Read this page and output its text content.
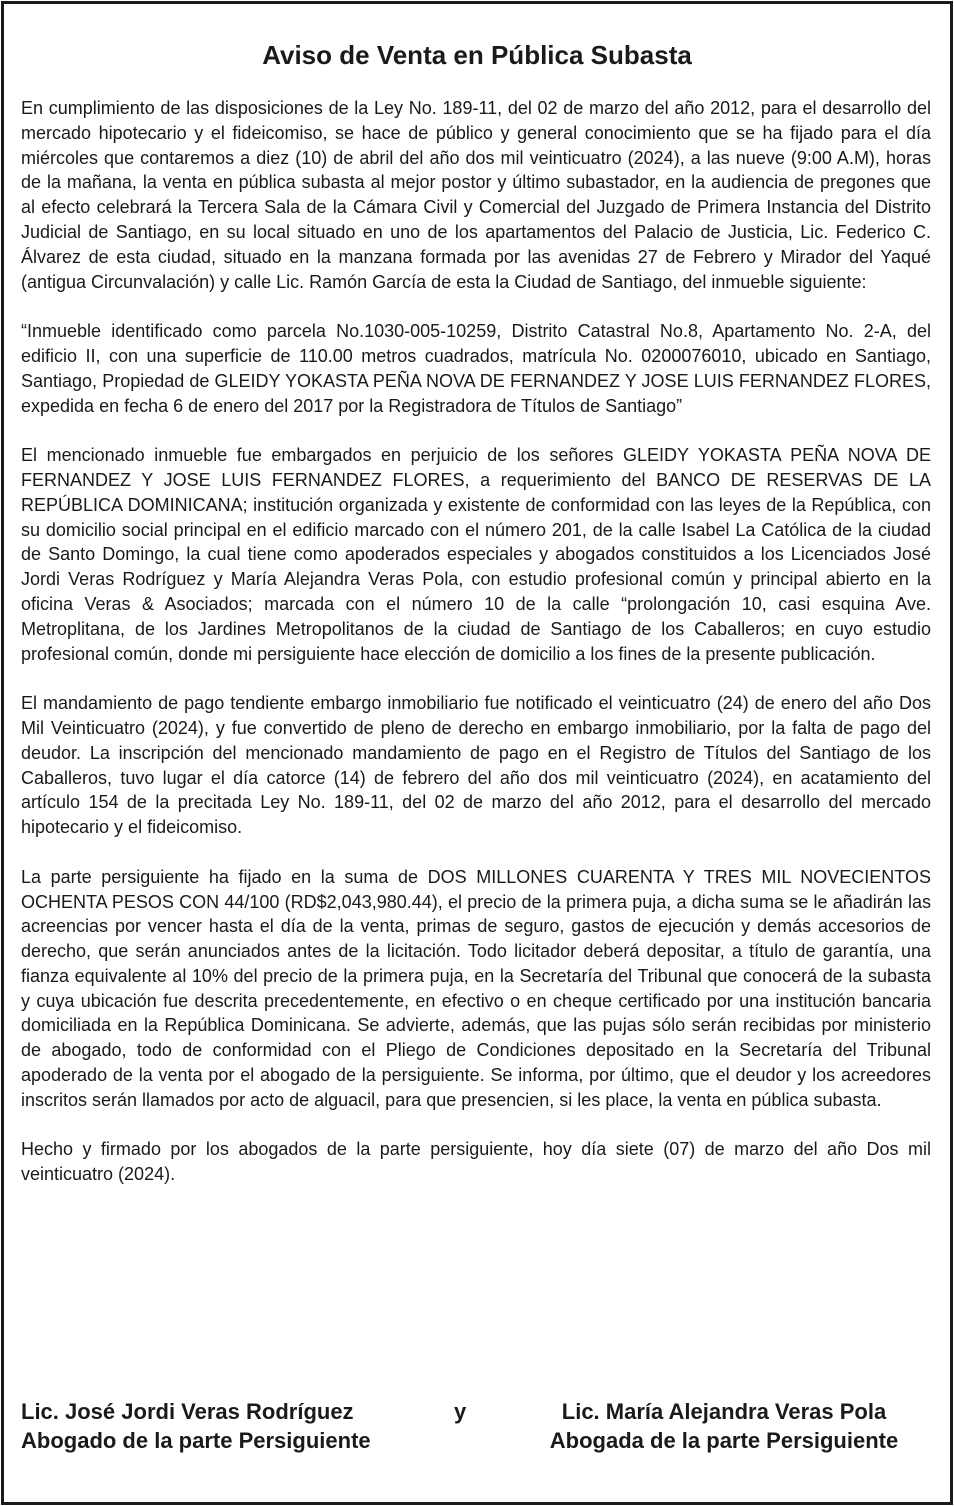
Aviso de Venta en Pública Subasta

En cumplimiento de las disposiciones de la Ley No. 189-11, del 02 de marzo del año 2012, para el desarrollo del mercado hipotecario y el fideicomiso, se hace de público y general conocimiento que se ha fijado para el día miércoles que contaremos a diez (10) de abril del año dos mil veinticuatro (2024), a las nueve (9:00 A.M), horas de la mañana, la venta en pública subasta al mejor postor y último subastador, en la audiencia de pregones que al efecto celebrará la Tercera Sala de la Cámara Civil y Comercial del Juzgado de Primera Instancia del Distrito Judicial de Santiago, en su local situado en uno de los apartamentos del Palacio de Justicia, Lic. Federico C. Álvarez de esta ciudad, situado en la manzana formada por las avenidas 27 de Febrero y Mirador del Yaqué (antigua Circunvalación) y calle Lic. Ramón García de esta la Ciudad de Santiago, del inmueble siguiente:

“Inmueble identificado como parcela No.1030-005-10259, Distrito Catastral No.8, Apartamento No. 2-A, del edificio II, con una superficie de 110.00 metros cuadrados, matrícula No. 0200076010, ubicado en Santiago, Santiago, Propiedad de GLEIDY YOKASTA PEÑA NOVA DE FERNANDEZ Y JOSE LUIS FERNANDEZ FLORES, expedida en fecha 6 de enero del 2017 por la Registradora de Títulos de Santiago”

El mencionado inmueble fue embargados en perjuicio de los señores GLEIDY YOKASTA PEÑA NOVA DE FERNANDEZ Y JOSE LUIS FERNANDEZ FLORES, a requerimiento del BANCO DE RESERVAS DE LA REPÚBLICA DOMINICANA; institución organizada y existente de conformidad con las leyes de la República, con su domicilio social principal en el edificio marcado con el número 201, de la calle Isabel La Católica de la ciudad de Santo Domingo, la cual tiene como apoderados especiales y abogados constituidos a los Licenciados José Jordi Veras Rodríguez y María Alejandra Veras Pola, con estudio profesional común y principal abierto en la oficina Veras & Asociados; marcada con el número 10 de la calle “prolongación 10, casi esquina Ave. Metroplitana, de los Jardines Metropolitanos de la ciudad de Santiago de los Caballeros; en cuyo estudio profesional común, donde mi persiguiente hace elección de domicilio a los fines de la presente publicación.

El mandamiento de pago tendiente embargo inmobiliario fue notificado el veinticuatro (24) de enero del año Dos Mil Veinticuatro (2024), y fue convertido de pleno de derecho en embargo inmobiliario, por la falta de pago del deudor. La inscripción del mencionado mandamiento de pago en el Registro de Títulos del Santiago de los Caballeros, tuvo lugar el día catorce (14) de febrero del año dos mil veinticuatro (2024), en acatamiento del artículo 154 de la precitada Ley No. 189-11, del 02 de marzo del año 2012, para el desarrollo del mercado hipotecario y el fideicomiso.

La parte persiguiente ha fijado en la suma de DOS MILLONES CUARENTA Y TRES MIL NOVECIENTOS OCHENTA PESOS CON 44/100 (RD$2,043,980.44), el precio de la primera puja, a dicha suma se le añadirán las acreencias por vencer hasta el día de la venta, primas de seguro, gastos de ejecución y demás accesorios de derecho, que serán anunciados antes de la licitación. Todo licitador deberá depositar, a título de garantía, una fianza equivalente al 10% del precio de la primera puja, en la Secretaría del Tribunal que conocerá de la subasta y cuya ubicación fue descrita precedentemente, en efectivo o en cheque certificado por una institución bancaria domiciliada en la República Dominicana. Se advierte, además, que las pujas sólo serán recibidas por ministerio de abogado, todo de conformidad con el Pliego de Condiciones depositado en la Secretaría del Tribunal apoderado de la venta por el abogado de la persiguiente. Se informa, por último, que el deudor y los acreedores inscritos serán llamados por acto de alguacil, para que presencien, si les place, la venta en pública subasta.

Hecho y firmado por los abogados de la parte persiguiente, hoy día siete (07) de marzo del año Dos mil veinticuatro (2024).

Lic. José Jordi Veras Rodríguez
Abogado de la parte Persiguiente
y	Lic. María Alejandra Veras Pola
Abogada de la parte Persiguiente
